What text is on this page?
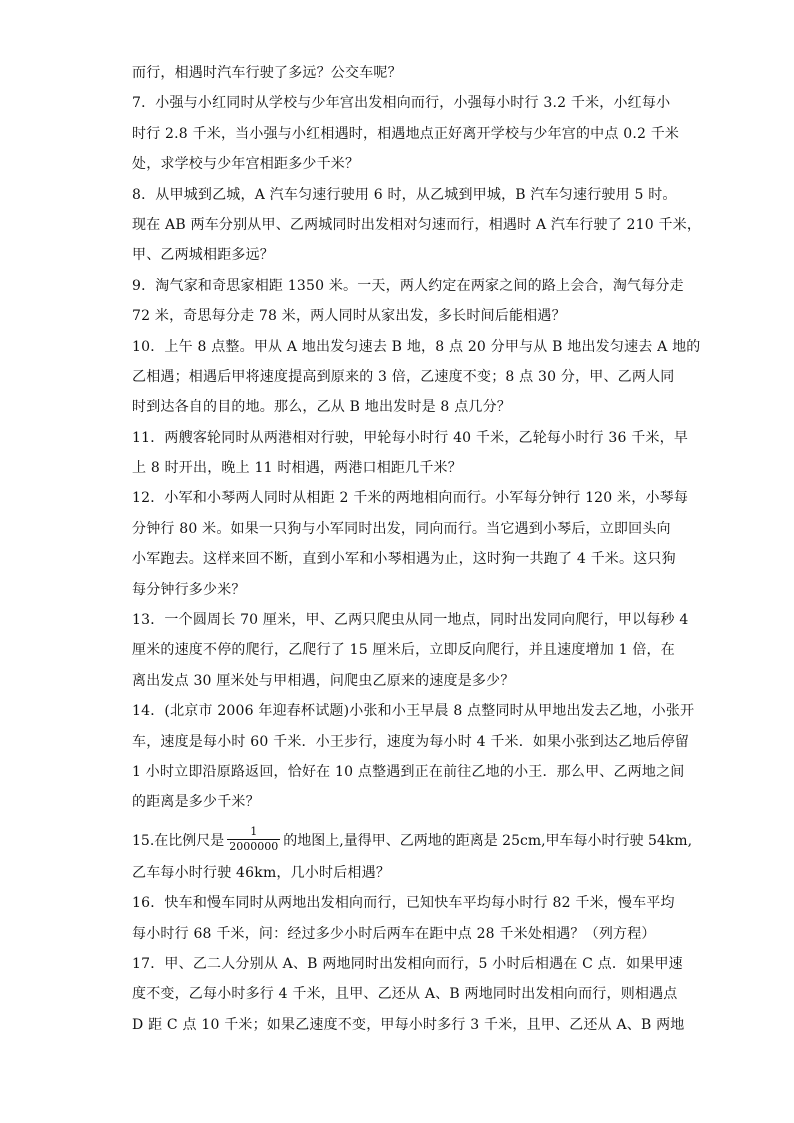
而行，相遇时汽车行驶了多远？公交车呢？
7．小强与小红同时从学校与少年宫出发相向而行，小强每小时行 3.2 千米，小红每小
时行 2.8 千米，当小强与小红相遇时，相遇地点正好离开学校与少年宫的中点 0.2 千米
处，求学校与少年宫相距多少千米？
8．从甲城到乙城，A 汽车匀速行驶用 6 时，从乙城到甲城，B 汽车匀速行驶用 5 时。
现在 AB 两车分别从甲、乙两城同时出发相对匀速而行，相遇时 A 汽车行驶了 210 千米，
甲、乙两城相距多远？
9．淘气家和奇思家相距 1350 米。一天，两人约定在两家之间的路上会合，淘气每分走
72 米，奇思每分走 78 米，两人同时从家出发，多长时间后能相遇？
10．上午 8 点整。甲从 A 地出发匀速去 B 地，8 点 20 分甲与从 B 地出发匀速去 A 地的
乙相遇；相遇后甲将速度提高到原来的 3 倍，乙速度不变；8 点 30 分，甲、乙两人同
时到达各自的目的地。那么，乙从 B 地出发时是 8 点几分？
11．两艘客轮同时从两港相对行驶，甲轮每小时行 40 千米，乙轮每小时行 36 千米，早
上 8 时开出，晚上 11 时相遇，两港口相距几千米？
12．小军和小琴两人同时从相距 2 千米的两地相向而行。小军每分钟行 120 米，小琴每
分钟行 80 米。如果一只狗与小军同时出发，同向而行。当它遇到小琴后，立即回头向
小军跑去。这样来回不断，直到小军和小琴相遇为止，这时狗一共跑了 4 千米。这只狗
每分钟行多少米？
13．一个圆周长 70 厘米，甲、乙两只爬虫从同一地点，同时出发同向爬行，甲以每秒 4
厘米的速度不停的爬行，乙爬行了 15 厘米后，立即反向爬行，并且速度增加 1 倍，在
离出发点 30 厘米处与甲相遇，问爬虫乙原来的速度是多少？
14．(北京市 2006 年迎春杯试题)小张和小王早晨 8 点整同时从甲地出发去乙地，小张开
车，速度是每小时 60 千米．小王步行，速度为每小时 4 千米．如果小张到达乙地后停留
1 小时立即沿原路返回，恰好在 10 点整遇到正在前往乙地的小王．那么甲、乙两地之间
的距离是多少千米？
15.在比例尺是 $\frac{1}{2000000}$ 的地图上,量得甲、乙两地的距离是 25cm,甲车每小时行驶 54km,
乙车每小时行驶 46km，几小时后相遇？
16．快车和慢车同时从两地出发相向而行，已知快车平均每小时行 82 千米，慢车平均
每小时行 68 千米，问：经过多少小时后两车在距中点 28 千米处相遇？（列方程）
17．甲、乙二人分别从 A、B 两地同时出发相向而行，5 小时后相遇在 C 点．如果甲速
度不变，乙每小时多行 4 千米，且甲、乙还从 A、B 两地同时出发相向而行，则相遇点
D 距 C 点 10 千米；如果乙速度不变，甲每小时多行 3 千米，且甲、乙还从 A、B 两地
